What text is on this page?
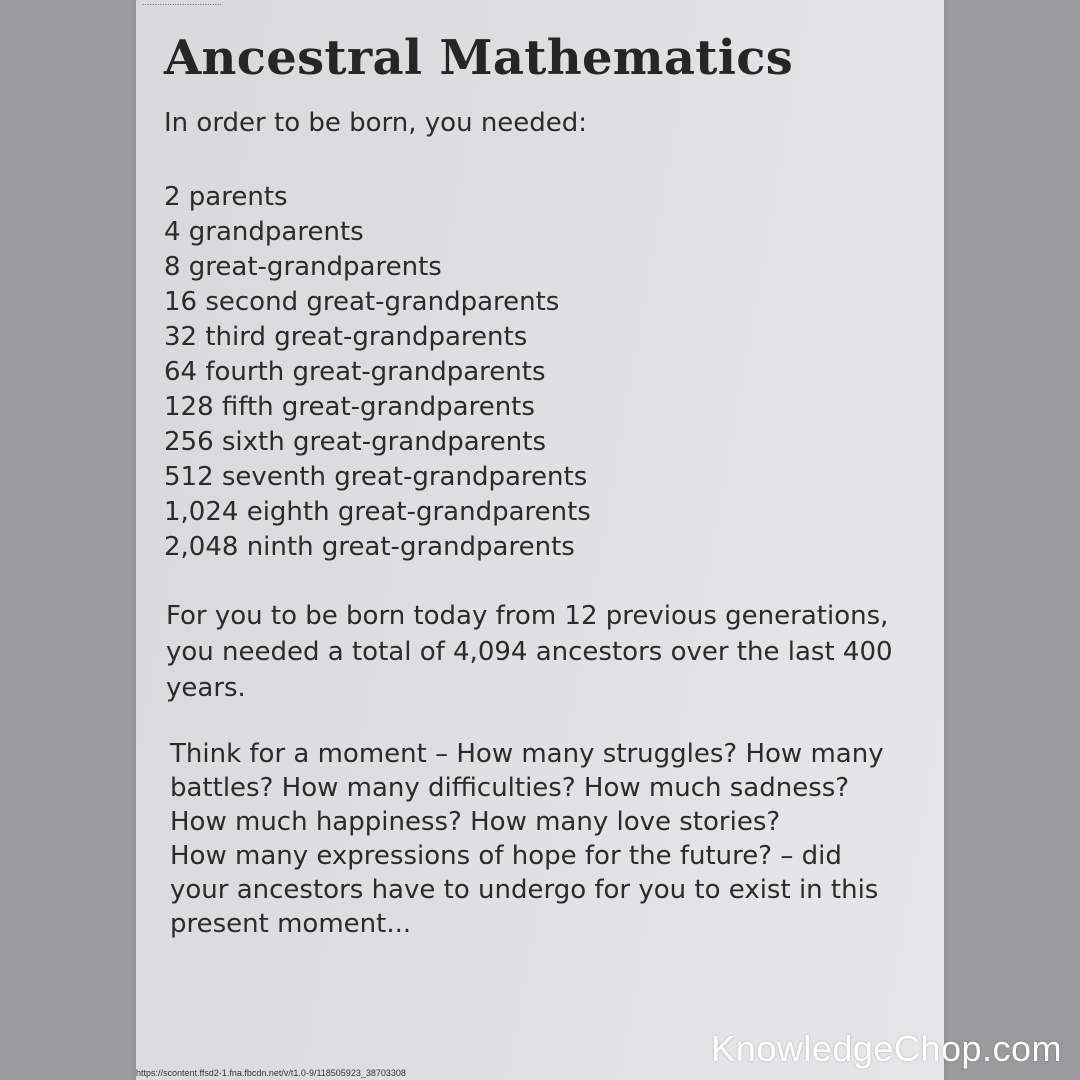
................................
Ancestral Mathematics

In order to be born, you needed:

2 parents
4 grandparents
8 great-grandparents
16 second great-grandparents
32 third great-grandparents
64 fourth great-grandparents
128 fifth great-grandparents
256 sixth great-grandparents
512 seventh great-grandparents
1,024 eighth great-grandparents
2,048 ninth great-grandparents

For you to be born today from 12 previous generations,
you needed a total of 4,094 ancestors over the last 400
years.

Think for a moment – How many struggles? How many
battles? How many difficulties? How much sadness?
How much happiness? How many love stories?
How many expressions of hope for the future? – did
your ancestors have to undergo for you to exist in this
present moment...

https://scontent.ffsd2-1.fna.fbcdn.net/v/t1.0-9/118505923_38703308
KnowledgeChop.com
